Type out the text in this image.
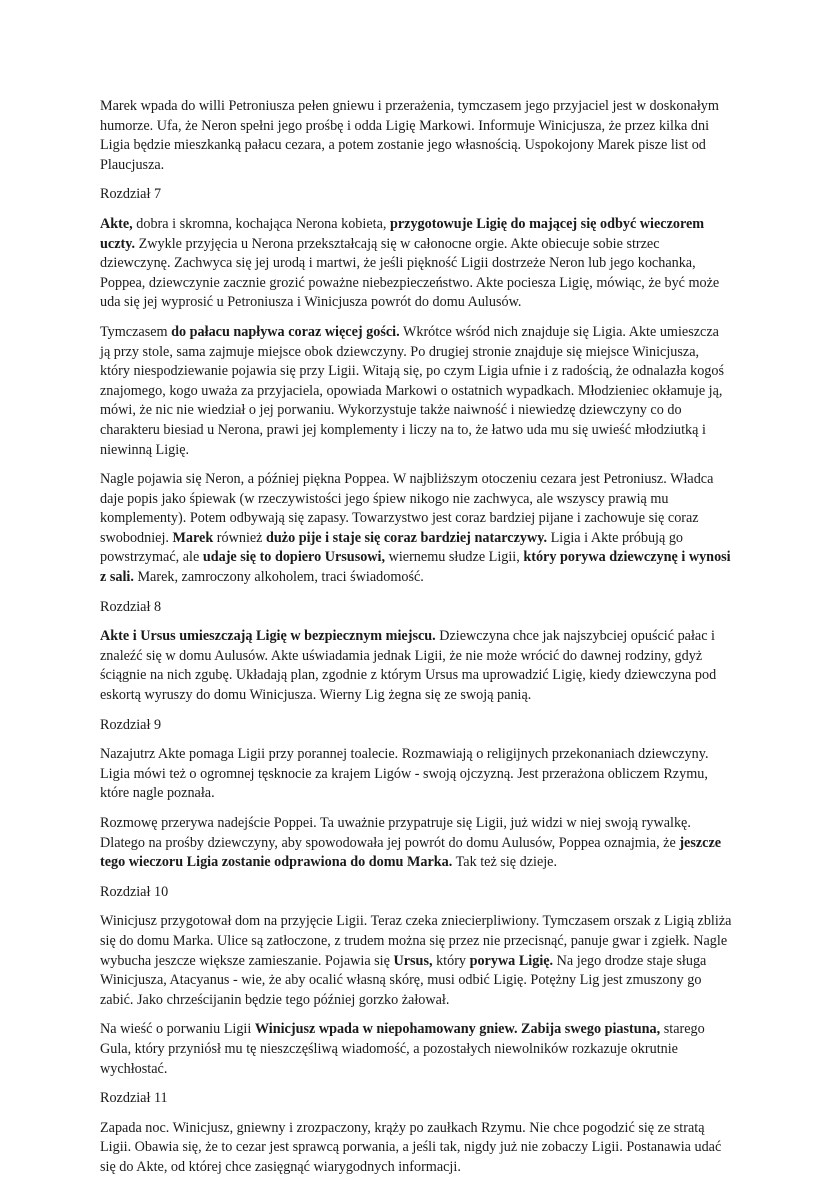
Marek wpada do willi Petroniusza pełen gniewu i przerażenia, tymczasem jego przyjaciel jest w doskonałym humorze. Ufa, że Neron spełni jego prośbę i odda Ligię Markowi. Informuje Winicjusza, że przez kilka dni Ligia będzie mieszkanką pałacu cezara, a potem zostanie jego własnością. Uspokojony Marek pisze list od Plaucjusza.

Rozdział 7

Akte, dobra i skromna, kochająca Nerona kobieta, przygotowuje Ligię do mającej się odbyć wieczorem uczty. Zwykle przyjęcia u Nerona przekształcają się w całonocne orgie. Akte obiecuje sobie strzec dziewczynę. Zachwyca się jej urodą i martwi, że jeśli piękność Ligii dostrzeże Neron lub jego kochanka, Poppea, dziewczynie zacznie grozić poważne niebezpieczeństwo. Akte pociesza Ligię, mówiąc, że być może uda się jej wyprosić u Petroniusza i Winicjusza powrót do domu Aulusów.

Tymczasem do pałacu napływa coraz więcej gości. Wkrótce wśród nich znajduje się Ligia. Akte umieszcza ją przy stole, sama zajmuje miejsce obok dziewczyny. Po drugiej stronie znajduje się miejsce Winicjusza, który niespodziewanie pojawia się przy Ligii. Witają się, po czym Ligia ufnie i z radością, że odnalazła kogoś znajomego, kogo uważa za przyjaciela, opowiada Markowi o ostatnich wypadkach. Młodzieniec okłamuje ją, mówi, że nic nie wiedział o jej porwaniu. Wykorzystuje także naiwność i niewiedzę dziewczyny co do charakteru biesiad u Nerona, prawi jej komplementy i liczy na to, że łatwo uda mu się uwieść młodziutką i niewinną Ligię.

Nagle pojawia się Neron, a później piękna Poppea. W najbliższym otoczeniu cezara jest Petroniusz. Władca daje popis jako śpiewak (w rzeczywistości jego śpiew nikogo nie zachwyca, ale wszyscy prawią mu komplementy). Potem odbywają się zapasy. Towarzystwo jest coraz bardziej pijane i zachowuje się coraz swobodniej. Marek również dużo pije i staje się coraz bardziej natarczywy. Ligia i Akte próbują go powstrzymać, ale udaje się to dopiero Ursusowi, wiernemu słudze Ligii, który porywa dziewczynę i wynosi z sali. Marek, zamroczony alkoholem, traci świadomość.

Rozdział 8

Akte i Ursus umieszczają Ligię w bezpiecznym miejscu. Dziewczyna chce jak najszybciej opuścić pałac i znaleźć się w domu Aulusów. Akte uświadamia jednak Ligii, że nie może wrócić do dawnej rodziny, gdyż ściągnie na nich zgubę. Układają plan, zgodnie z którym Ursus ma uprowadzić Ligię, kiedy dziewczyna pod eskortą wyruszy do domu Winicjusza. Wierny Lig żegna się ze swoją panią.

Rozdział 9

Nazajutrz Akte pomaga Ligii przy porannej toalecie. Rozmawiają o religijnych przekonaniach dziewczyny. Ligia mówi też o ogromnej tęsknocie za krajem Ligów - swoją ojczyzną. Jest przerażona obliczem Rzymu, które nagle poznała.

Rozmowę przerywa nadejście Poppei. Ta uważnie przypatruje się Ligii, już widzi w niej swoją rywalkę. Dlatego na prośby dziewczyny, aby spowodowała jej powrót do domu Aulusów, Poppea oznajmia, że jeszcze tego wieczoru Ligia zostanie odprawiona do domu Marka. Tak też się dzieje.

Rozdział 10

Winicjusz przygotował dom na przyjęcie Ligii. Teraz czeka zniecierpliwiony. Tymczasem orszak z Ligią zbliża się do domu Marka. Ulice są zatłoczone, z trudem można się przez nie przecisnąć, panuje gwar i zgiełk. Nagle wybucha jeszcze większe zamieszanie. Pojawia się Ursus, który porywa Ligię. Na jego drodze staje sługa Winicjusza, Atacyanus - wie, że aby ocalić własną skórę, musi odbić Ligię. Potężny Lig jest zmuszony go zabić. Jako chrześcijanin będzie tego później gorzko żałował.

Na wieść o porwaniu Ligii Winicjusz wpada w niepohamowany gniew. Zabija swego piastuna, starego Gula, który przyniósł mu tę nieszczęśliwą wiadomość, a pozostałych niewolników rozkazuje okrutnie wychłostać.

Rozdział 11

Zapada noc. Winicjusz, gniewny i zrozpaczony, krąży po zaułkach Rzymu. Nie chce pogodzić się ze stratą Ligii. Obawia się, że to cezar jest sprawcą porwania, a jeśli tak, nigdy już nie zobaczy Ligii. Postanawia udać się do Akte, od której chce zasięgnąć wiarygodnych informacji.
